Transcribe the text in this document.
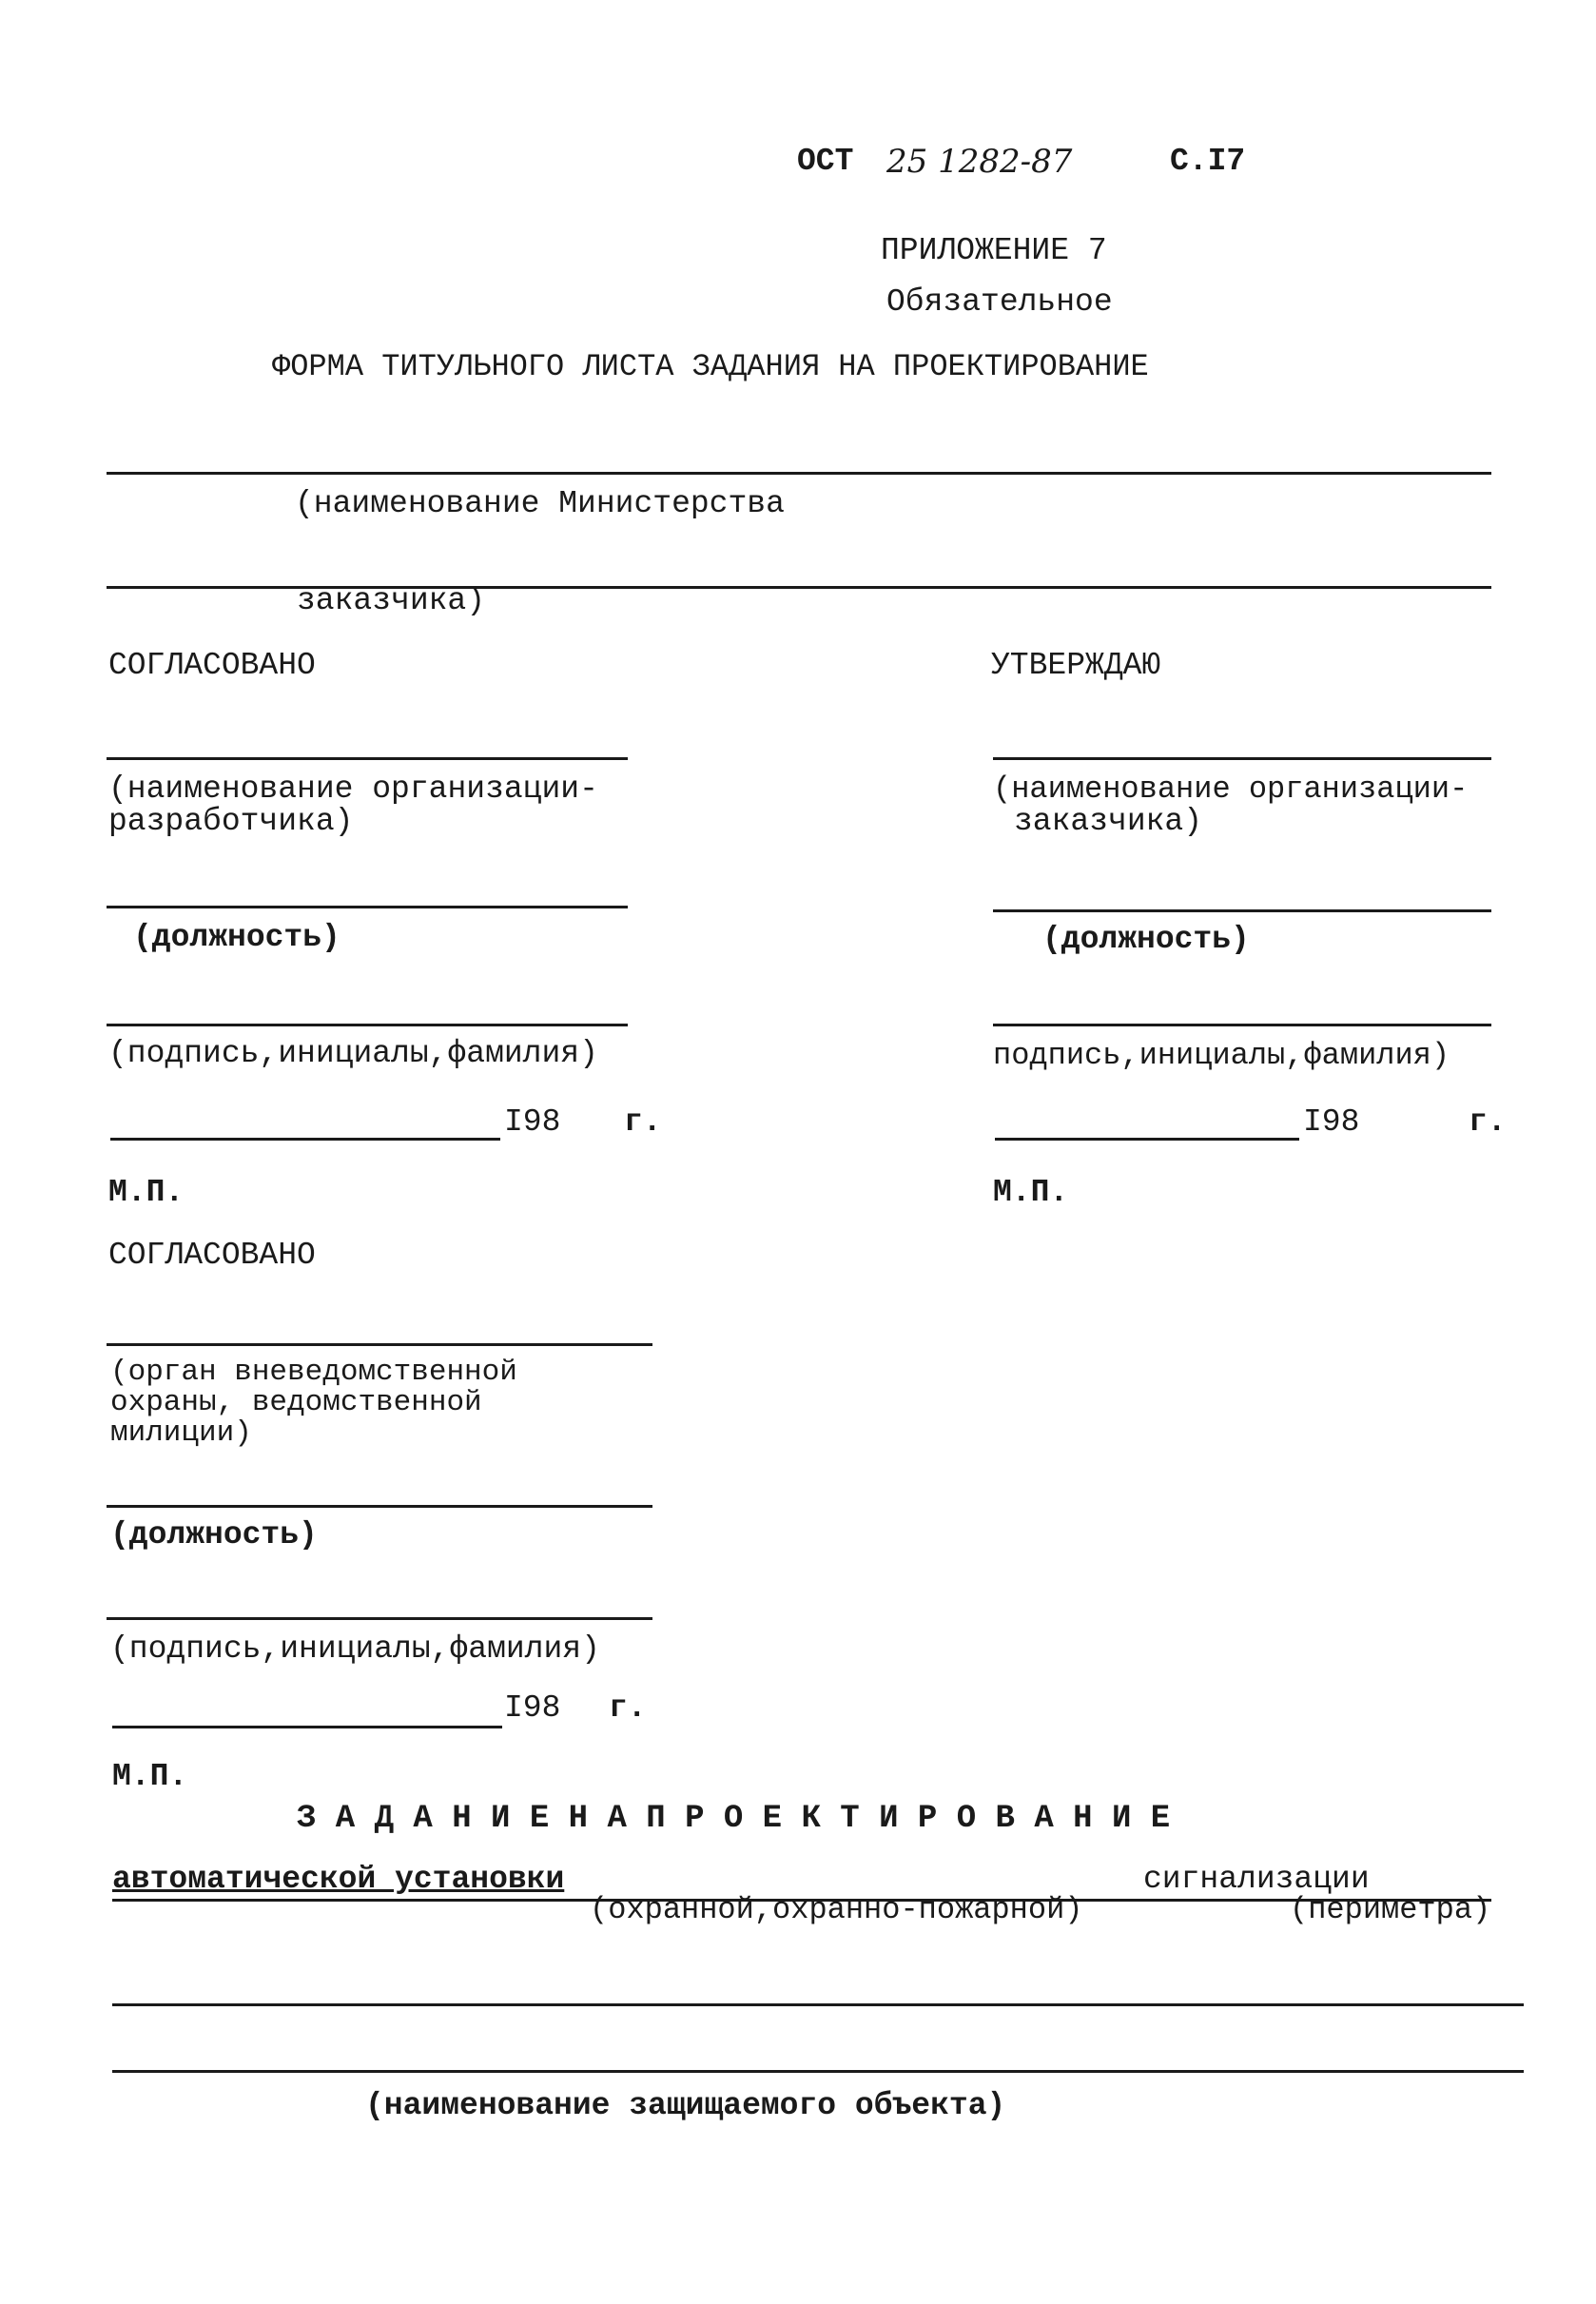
ОСТ 25 1282-87	С.I7
ПРИЛОЖЕНИЕ 7
Обязательное
ФОРМА ТИТУЛЬНОГО ЛИСТА ЗАДАНИЯ НА ПРОЕКТИРОВАНИЕ
(наименование Министерства
заказчика)
СОГЛАСОВАНО
(наименование организации-
разработчика)
(должность)
(подпись,инициалы,фамилия)
I98 г.
М.П.
УТВЕРЖДАЮ
(наименование организации-
заказчика)
(должность)
подпись,инициалы,фамилия)
I98	г.
М.П.
СОГЛАСОВАНО
(орган вневедомственной
охраны, ведомственной
милиции)
(должность)
(подпись,инициалы,фамилия)
I98 г.
М.П.
З А Д А Н И Е Н А П Р О Е К Т И Р О В А Н И Е
автоматической установки	сигнализации
(охранной,охранно-пожарной)	(периметра)
(наименование защищаемого объекта)
